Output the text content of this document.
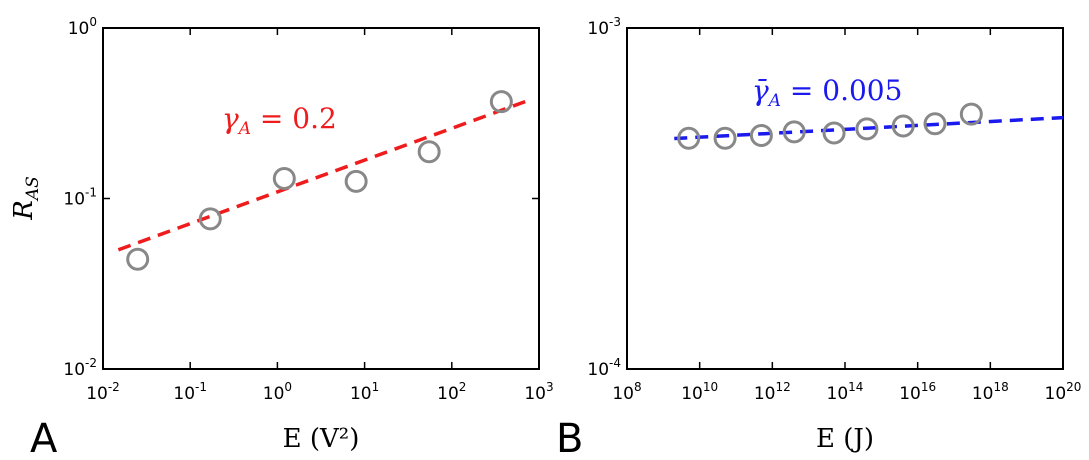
A	B
$10^{-2}$	$10^{-1}$	$10^0$	$10^1$	$10^2$	$10^3$
$10^{-2}$
$10^{-1}$
$10^0$
$\gamma_A = 0.2$
E (V²)
$R_{AS}$
$10^8$ $10^{10}$ $10^{12}$ $10^{14}$ $10^{16}$ $10^{18}$ $10^{20}$
$10^{-4}$
$10^{-3}$
$\gammā_A = 0.005$
E (J)
